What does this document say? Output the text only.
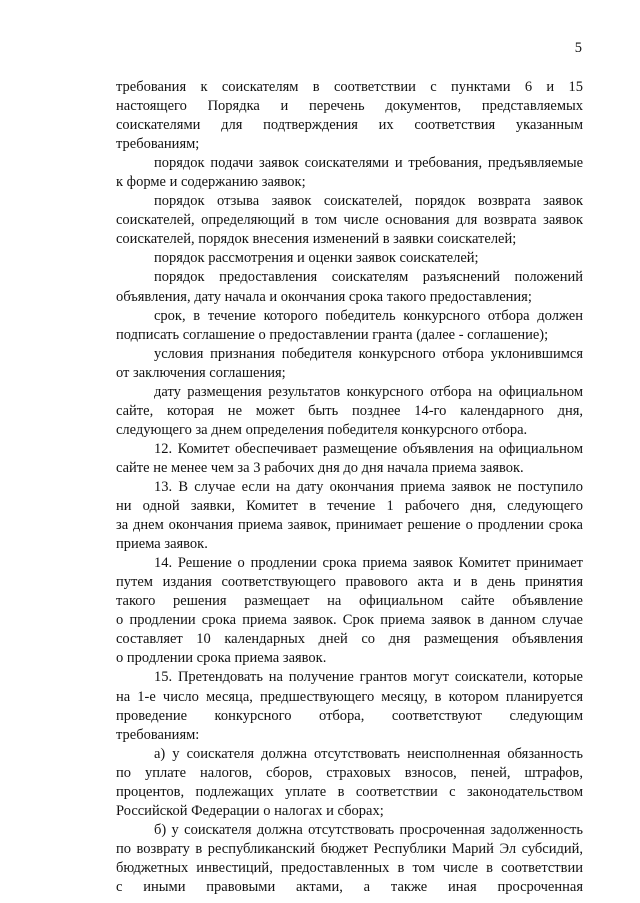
5

требования к соискателям в соответствии с пунктами 6 и 15
настоящего Порядка и перечень документов, представляемых
соискателями для подтверждения их соответствия указанным
требованиям;

порядок подачи заявок соискателями и требования, предъявляемые
к форме и содержанию заявок;

порядок отзыва заявок соискателей, порядок возврата заявок
соискателей, определяющий в том числе основания для возврата заявок
соискателей, порядок внесения изменений в заявки соискателей;

порядок рассмотрения и оценки заявок соискателей;

порядок предоставления соискателям разъяснений положений
объявления, дату начала и окончания срока такого предоставления;

срок, в течение которого победитель конкурсного отбора должен
подписать соглашение о предоставлении гранта (далее - соглашение);

условия признания победителя конкурсного отбора уклонившимся
от заключения соглашения;

дату размещения результатов конкурсного отбора на официальном
сайте, которая не может быть позднее 14-го календарного дня,
следующего за днем определения победителя конкурсного отбора.

12. Комитет обеспечивает размещение объявления на официальном
сайте не менее чем за 3 рабочих дня до дня начала приема заявок.

13. В случае если на дату окончания приема заявок не поступило
ни одной заявки, Комитет в течение 1 рабочего дня, следующего
за днем окончания приема заявок, принимает решение о продлении срока
приема заявок.

14. Решение о продлении срока приема заявок Комитет принимает
путем издания соответствующего правового акта и в день принятия
такого решения размещает на официальном сайте объявление
о продлении срока приема заявок. Срок приема заявок в данном случае
составляет 10 календарных дней со дня размещения объявления
о продлении срока приема заявок.

15. Претендовать на получение грантов могут соискатели, которые
на 1-е число месяца, предшествующего месяцу, в котором планируется
проведение конкурсного отбора, соответствуют следующим
требованиям:

а) у соискателя должна отсутствовать неисполненная обязанность
по уплате налогов, сборов, страховых взносов, пеней, штрафов,
процентов, подлежащих уплате в соответствии с законодательством
Российской Федерации о налогах и сборах;

б) у соискателя должна отсутствовать просроченная задолженность
по возврату в республиканский бюджет Республики Марий Эл субсидий,
бюджетных инвестиций, предоставленных в том числе в соответствии
с иными правовыми актами, а также иная просроченная
